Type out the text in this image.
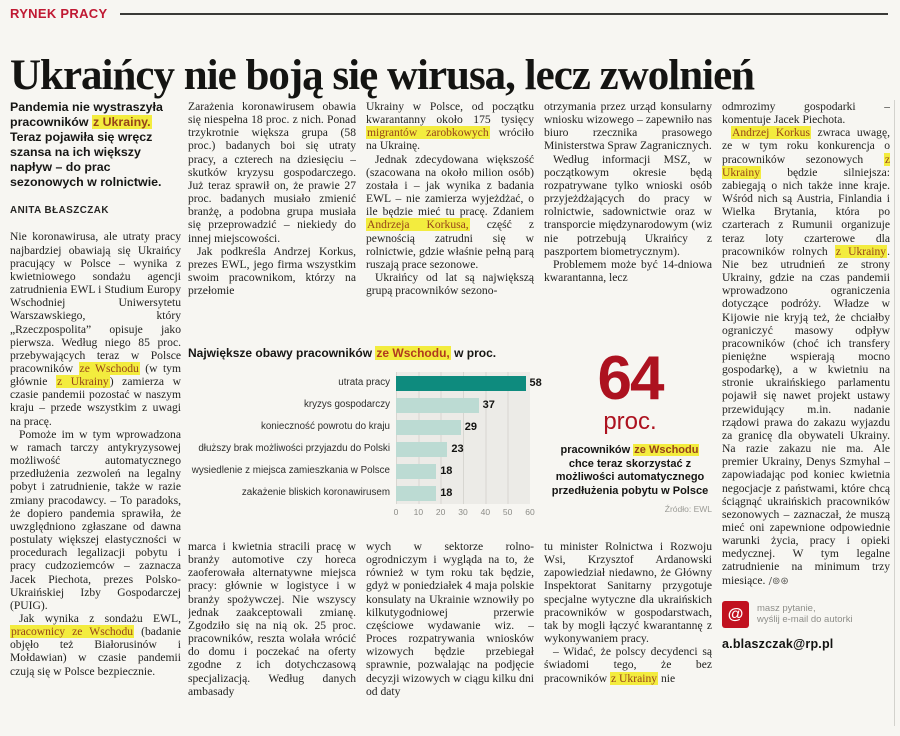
RYNEK PRACY
Ukraińcy nie boją się wirusa, lecz zwolnień
Pandemia nie wystraszyła pracowników z Ukrainy. Teraz pojawiła się wręcz szansa na ich większy napływ – do prac sezonowych w rolnictwie.
ANITA BŁASZCZAK

Nie koronawirusa, ale utraty pracy najbardziej obawiają się Ukraińcy pracujący w Polsce – wynika z kwietniowego sondażu agencji zatrudnienia EWL i Studium Europy Wschodniej Uniwersytetu Warszawskiego, który „Rzeczpospolita” opisuje jako pierwsza. Według niego 85 proc. przebywających teraz w Polsce pracowników ze Wschodu (w tym głównie z Ukrainy) zamierza w czasie pandemii pozostać w naszym kraju – przede wszystkim z uwagi na pracę.

Pomoże im w tym wprowadzona w ramach tarczy antykryzysowej możliwość automatycznego przedłużenia zezwoleń na legalny pobyt i zatrudnienie, także w razie zmiany pracodawcy. – To paradoks, że dopiero pandemia sprawiła, że uwzględniono zgłaszane od dawna postulaty większej elastyczności w procedurach legalizacji pobytu i pracy cudzoziemców – zaznacza Jacek Piechota, prezes Polsko-Ukraińskiej Izby Gospodarczej (PUIG).

Jak wynika z sondażu EWL, pracownicy ze Wschodu (badanie objęło też Białorusinów i Mołdawian) w czasie pandemii czują się w Polsce bezpiecznie.

Zarażenia koronawirusem obawia się niespełna 18 proc. z nich. Ponad trzykrotnie większa grupa (58 proc.) badanych boi się utraty pracy, a czterech na dziesięciu – skutków kryzysu gospodarczego. Już teraz sprawił on, że prawie 27 proc. badanych musiało zmienić branżę, a podobna grupa musiała się przeprowadzić – niekiedy do innej miejscowości.

Jak podkreśla Andrzej Korkus, prezes EWL, jego firma wszystkim swoim pracownikom, którzy na przełomie

Ukrainy w Polsce, od początku kwarantanny około 175 tysięcy migrantów zarobkowych wróciło na Ukrainę.

Jednak zdecydowana większość (szacowana na około milion osób) została i – jak wynika z badania EWL – nie zamierza wyjeżdżać, o ile będzie mieć tu pracę. Zdaniem Andrzeja Korkusa, część z pewnością zatrudni się w rolnictwie, gdzie właśnie pełną parą ruszają prace sezonowe.

Ukraińcy od lat są największą grupą pracowników sezono-

otrzymania przez urząd konsularny wniosku wizowego – zapewniło nas biuro rzecznika prasowego Ministerstwa Spraw Zagranicznych.

Według informacji MSZ, w początkowym okresie będą rozpatrywane tylko wnioski osób przyjeżdżających do pracy w rolnictwie, sadownictwie oraz w transporcie międzynarodowym (wiz nie potrzebują Ukraińcy z paszportem biometrycznym).

Problemem może być 14-dniowa kwarantanna, lecz

Największe obawy pracowników ze Wschodu, w proc.
utrata pracy	58
kryzys gospodarczy	37
konieczność powrotu do kraju	29
dłuższy brak możliwości przyjazdu do Polski	23
wysiedlenie z miejsca zamieszkania w Polsce	18
zakażenie bliskich koronawirusem	18
0 10 20 30 40 50 60
64
proc.
pracowników ze Wschodu chce teraz skorzystać z możliwości automatycznego przedłużenia pobytu w Polsce
Źródło: EWL

marca i kwietnia stracili pracę w branży automotive czy horeca zaoferowała alternatywne miejsca pracy: głównie w logistyce i w branży spożywczej. Nie wszyscy jednak zaakceptowali zmianę. Zgodziło się na nią ok. 25 proc. pracowników, reszta wolała wrócić do domu i poczekać na oferty zgodne z ich dotychczasową specjalizacją. Według danych ambasady

wych w sektorze rolno-ogrodniczym i wygląda na to, że również w tym roku tak będzie, gdyż w poniedziałek 4 maja polskie konsulaty na Ukrainie wznowiły po kilkutygodniowej przerwie częściowe wydawanie wiz. – Proces rozpatrywania wniosków wizowych będzie przebiegał sprawnie, pozwalając na podjęcie decyzji wizowych w ciągu kilku dni od daty

tu minister Rolnictwa i Rozwoju Wsi, Krzysztof Ardanowski zapowiedział niedawno, że Główny Inspektorat Sanitarny przygotuje specjalne wytyczne dla ukraińskich pracowników w gospodarstwach, tak by mogli łączyć kwarantannę z wykonywaniem pracy.

– Widać, że polscy decydenci są świadomi tego, że bez pracowników z Ukrainy nie

odmrozimy gospodarki – komentuje Jacek Piechota.

Andrzej Korkus zwraca uwagę, ze w tym roku konkurencja o pracowników sezonowych z Ukrainy będzie silniejsza: zabiegają o nich także inne kraje. Wśród nich są Austria, Finlandia i Wielka Brytania, która po czarterach z Rumunii organizuje teraz loty czarterowe dla pracowników rolnych z Ukrainy. Nie bez utrudnień ze strony Ukrainy, gdzie na czas pandemii wprowadzono ograniczenia dotyczące podróży. Władze w Kijowie nie kryją też, że chciałby ograniczyć masowy odpływ pracowników (choć ich transfery pieniężne wspierają mocno gospodarkę), a w kwietniu na stronie ukraińskiego parlamentu pojawił się nawet projekt ustawy przewidujący m.in. nadanie rządowi prawa do zakazu wyjazdu za granicę dla obywateli Ukrainy. Na razie zakazu nie ma. Ale premier Ukrainy, Denys Szmyhal – zapowiadając pod koniec kwietnia negocjacje z państwami, które chcą ściągnąć ukraińskich pracowników sezonowych – zaznaczał, że muszą mieć oni zapewnione odpowiednie warunki życia, pracy i opieki medycznej. W tym legalne zatrudnienie na minimum trzy miesiące. /⊚⊛

@	masz pytanie,
wyślij e-mail do autorki
a.blaszczak@rp.pl
